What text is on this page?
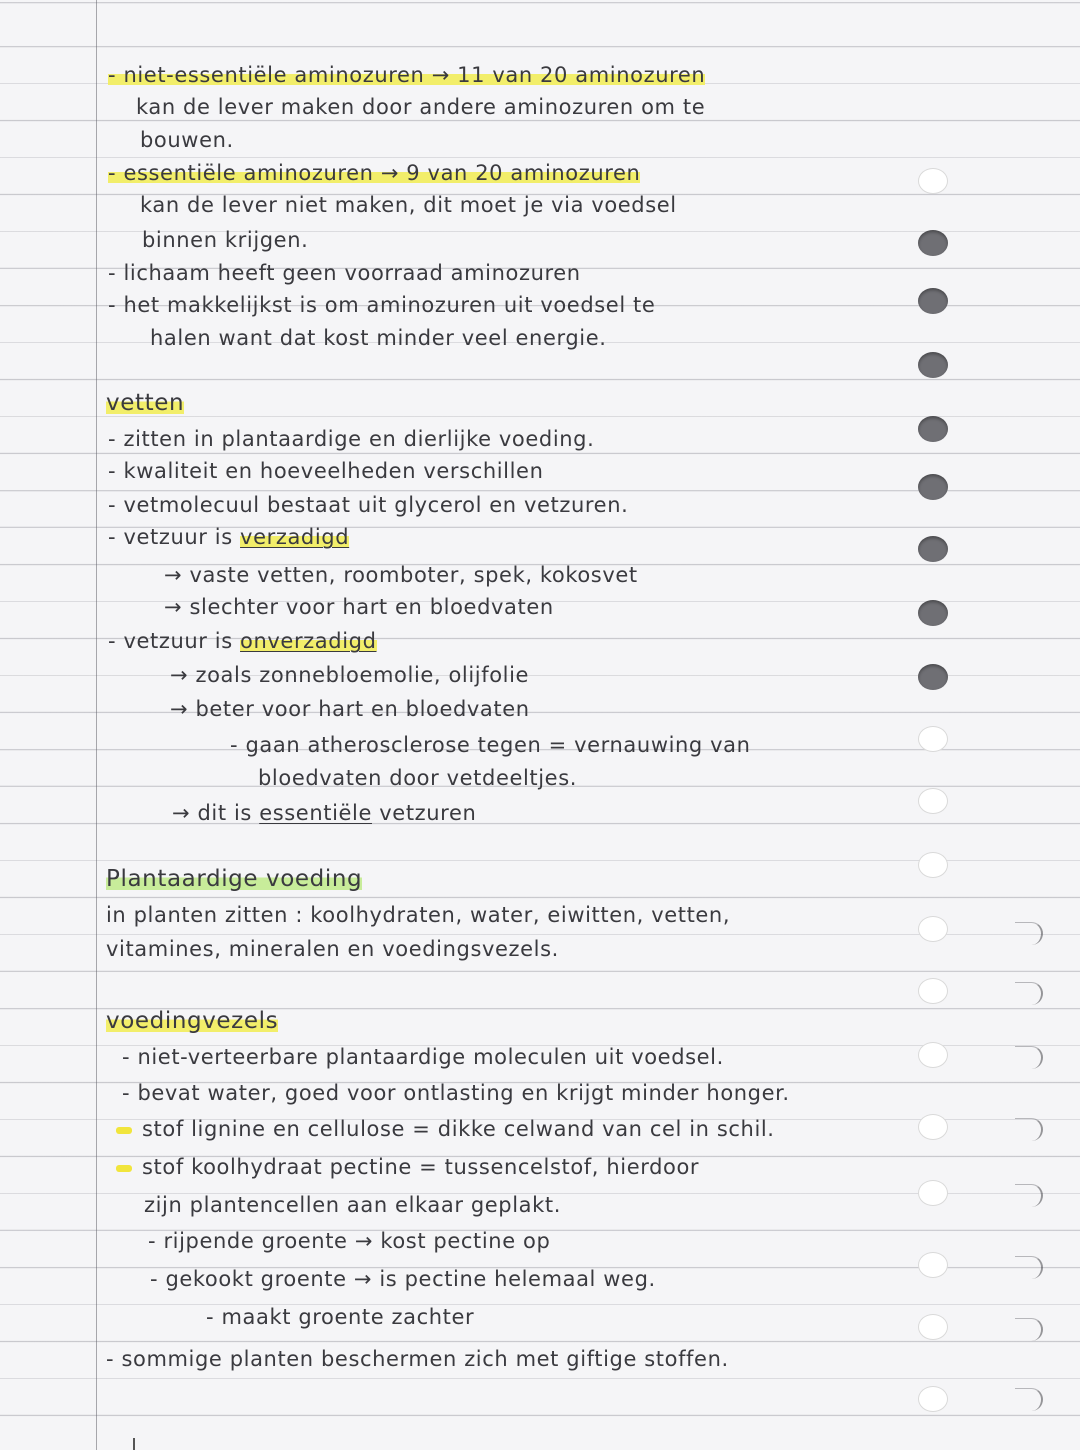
- niet-essentiële aminozuren → 11 van 20 aminozuren
kan de lever maken door andere aminozuren om te
bouwen.
- essentiële aminozuren → 9 van 20 aminozuren
kan de lever niet maken, dit moet je via voedsel
binnen krijgen.
- lichaam heeft geen voorraad aminozuren
- het makkelijkst is om aminozuren uit voedsel te
halen want dat kost minder veel energie.
vetten
- zitten in plantaardige en dierlijke voeding.
- kwaliteit en hoeveelheden verschillen
- vetmolecuul bestaat uit glycerol en vetzuren.
- vetzuur is verzadigd
→ vaste vetten, roomboter, spek, kokosvet
→ slechter voor hart en bloedvaten
- vetzuur is onverzadigd
→ zoals zonnebloemolie, olijfolie
→ beter voor hart en bloedvaten
- gaan atherosclerose tegen = vernauwing van
bloedvaten door vetdeeltjes.
→ dit is essentiële vetzuren
Plantaardige voeding
in planten zitten : koolhydraten, water, eiwitten, vetten,
vitamines, mineralen en voedingsvezels.
voedingvezels
- niet-verteerbare plantaardige moleculen uit voedsel.
- bevat water, goed voor ontlasting en krijgt minder honger.
stof lignine en cellulose = dikke celwand van cel in schil.
stof koolhydraat pectine = tussencelstof, hierdoor
zijn plantencellen aan elkaar geplakt.
- rijpende groente → kost pectine op
- gekookt groente → is pectine helemaal weg.
- maakt groente zachter
- sommige planten beschermen zich met giftige stoffen.
